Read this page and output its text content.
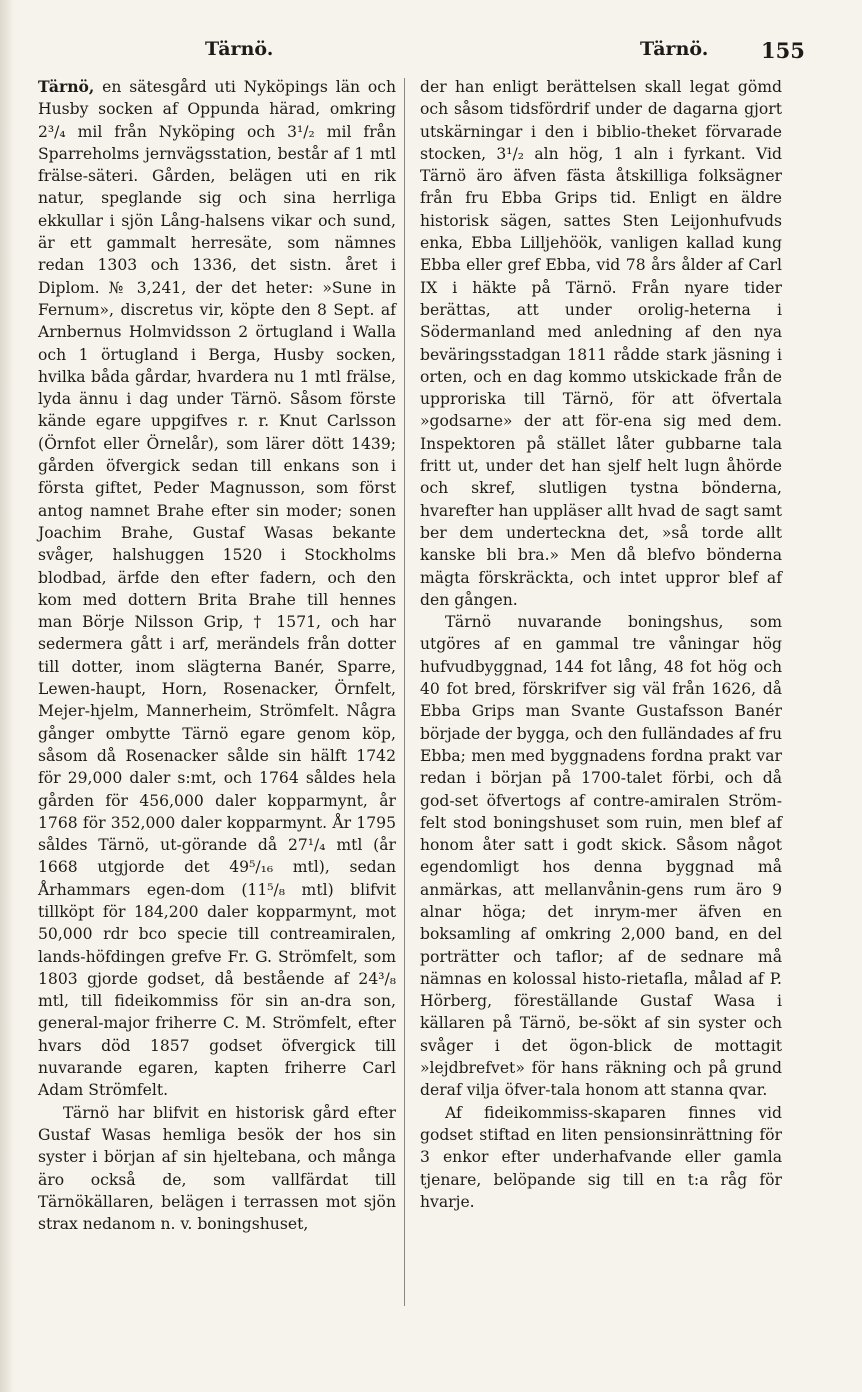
Tärnö.	Tärnö.	155

Tärnö, en sätesgård uti Nyköpings län och Husby socken af Oppunda härad, omkring 2³/₄ mil från Nyköping och 3¹/₂ mil från Sparreholms jernvägsstation, består af 1 mtl frälse-säteri. Gården, belägen uti en rik natur, speglande sig och sina herrliga ekkullar i sjön Lång-halsens vikar och sund, är ett gammalt herresäte, som nämnes redan 1303 och 1336, det sistn. året i Diplom. № 3,241, der det heter: »Sune in Fernum», discretus vir, köpte den 8 Sept. af Arnbernus Holmvidsson 2 örtugland i Walla och 1 örtugland i Berga, Husby socken, hvilka båda gårdar, hvardera nu 1 mtl frälse, lyda ännu i dag under Tärnö. Såsom förste kände egare uppgifves r. r. Knut Carlsson (Örnfot eller Örnelår), som lärer dött 1439; gården öfvergick sedan till enkans son i första giftet, Peder Magnusson, som först antog namnet Brahe efter sin moder; sonen Joachim Brahe, Gustaf Wasas bekante svåger, halshuggen 1520 i Stockholms blodbad, ärfde den efter fadern, och den kom med dottern Brita Brahe till hennes man Börje Nilsson Grip, † 1571, och har sedermera gått i arf, merändels från dotter till dotter, inom slägterna Banér, Sparre, Lewen-haupt, Horn, Rosenacker, Örnfelt, Mejer-hjelm, Mannerheim, Strömfelt. Några gånger ombytte Tärnö egare genom köp, såsom då Rosenacker sålde sin hälft 1742 för 29,000 daler s:mt, och 1764 såldes hela gården för 456,000 daler kopparmynt, år 1768 för 352,000 daler kopparmynt. År 1795 såldes Tärnö, ut-görande då 27¹/₄ mtl (år 1668 utgjorde det 49⁵/₁₆ mtl), sedan Århammars egen-dom (11⁵/₈ mtl) blifvit tillköpt för 184,200 daler kopparmynt, mot 50,000 rdr bco specie till contreamiralen, lands-höfdingen grefve Fr. G. Strömfelt, som 1803 gjorde godset, då bestående af 24³/₈ mtl, till fideikommiss för sin an-dra son, general-major friherre C. M. Strömfelt, efter hvars död 1857 godset öfvergick till nuvarande egaren, kapten friherre Carl Adam Strömfelt.

Tärnö har blifvit en historisk gård efter Gustaf Wasas hemliga besök der hos sin syster i början af sin hjeltebana, och många äro också de, som vallfärdat till Tärnökällaren, belägen i terrassen mot sjön strax nedanom n. v. boningshuset,

der han enligt berättelsen skall legat gömd och såsom tidsfördrif under de dagarna gjort utskärningar i den i biblio-theket förvarade stocken, 3¹/₂ aln hög, 1 aln i fyrkant. Vid Tärnö äro äfven fästa åtskilliga folksägner från fru Ebba Grips tid. Enligt en äldre historisk sägen, sattes Sten Leijonhufvuds enka, Ebba Lilljehöök, vanligen kallad kung Ebba eller gref Ebba, vid 78 års ålder af Carl IX i häkte på Tärnö. Från nyare tider berättas, att under orolig-heterna i Södermanland med anledning af den nya beväringsstadgan 1811 rådde stark jäsning i orten, och en dag kommo utskickade från de upproriska till Tärnö, för att öfvertala »godsarne» der att för-ena sig med dem. Inspektoren på stället låter gubbarne tala fritt ut, under det han sjelf helt lugn åhörde och skref, slutligen tystna bönderna, hvarefter han uppläser allt hvad de sagt samt ber dem underteckna det, »så torde allt kanske bli bra.» Men då blefvo bönderna mägta förskräckta, och intet uppror blef af den gången.

Tärnö nuvarande boningshus, som utgöres af en gammal tre våningar hög hufvudbyggnad, 144 fot lång, 48 fot hög och 40 fot bred, förskrifver sig väl från 1626, då Ebba Grips man Svante Gustafsson Banér började der bygga, och den fulländades af fru Ebba; men med byggnadens fordna prakt var redan i början på 1700-talet förbi, och då god-set öfvertogs af contre-amiralen Ström-felt stod boningshuset som ruin, men blef af honom åter satt i godt skick. Såsom något egendomligt hos denna byggnad må anmärkas, att mellanvånin-gens rum äro 9 alnar höga; det inrym-mer äfven en boksamling af omkring 2,000 band, en del porträtter och taflor; af de sednare må nämnas en kolossal histo-rietafla, målad af P. Hörberg, föreställande Gustaf Wasa i källaren på Tärnö, be-sökt af sin syster och svåger i det ögon-blick de mottagit »lejdbrefvet» för hans räkning och på grund deraf vilja öfver-tala honom att stanna qvar.

Af fideikommiss-skaparen finnes vid godset stiftad en liten pensionsinrättning för 3 enkor efter underhafvande eller gamla tjenare, belöpande sig till en t:a råg för hvarje.
